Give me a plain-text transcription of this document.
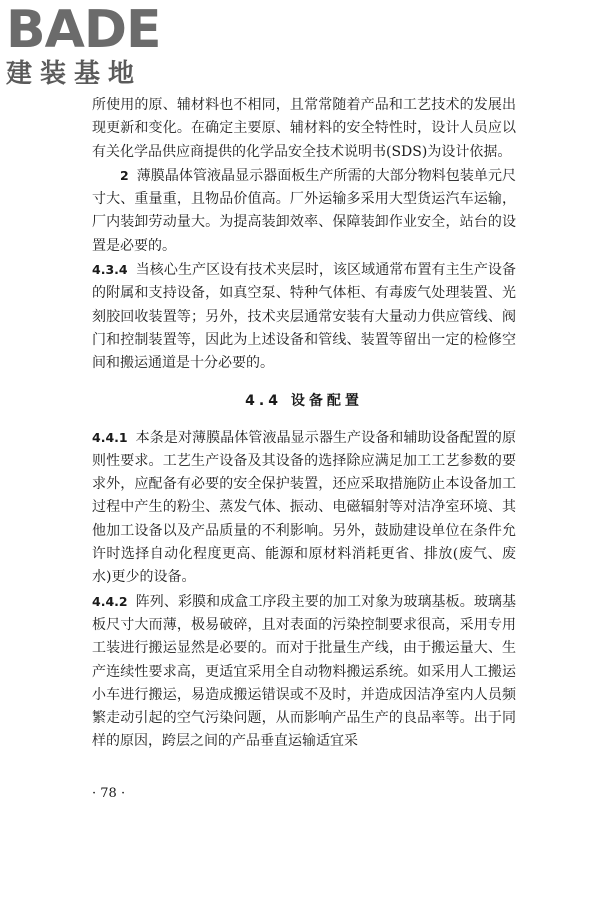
BADE
建装基地

所使用的原、辅材料也不相同，且常常随着产品和工艺技术的发展出现更新和变化。在确定主要原、辅材料的安全特性时，设计人员应以有关化学品供应商提供的化学品安全技术说明书(SDS)为设计依据。

2 薄膜晶体管液晶显示器面板生产所需的大部分物料包装单元尺寸大、重量重，且物品价值高。厂外运输多采用大型货运汽车运输，厂内装卸劳动量大。为提高装卸效率、保障装卸作业安全，站台的设置是必要的。

4.3.4 当核心生产区设有技术夹层时，该区域通常布置有主生产设备的附属和支持设备，如真空泵、特种气体柜、有毒废气处理装置、光刻胶回收装置等；另外，技术夹层通常安装有大量动力供应管线、阀门和控制装置等，因此为上述设备和管线、装置等留出一定的检修空间和搬运通道是十分必要的。

4.4 设备配置

4.4.1 本条是对薄膜晶体管液晶显示器生产设备和辅助设备配置的原则性要求。工艺生产设备及其设备的选择除应满足加工工艺参数的要求外，应配备有必要的安全保护装置，还应采取措施防止本设备加工过程中产生的粉尘、蒸发气体、振动、电磁辐射等对洁净室环境、其他加工设备以及产品质量的不利影响。另外，鼓励建设单位在条件允许时选择自动化程度更高、能源和原材料消耗更省、排放(废气、废水)更少的设备。

4.4.2 阵列、彩膜和成盒工序段主要的加工对象为玻璃基板。玻璃基板尺寸大而薄，极易破碎，且对表面的污染控制要求很高，采用专用工装进行搬运显然是必要的。而对于批量生产线，由于搬运量大、生产连续性要求高，更适宜采用全自动物料搬运系统。如采用人工搬运小车进行搬运，易造成搬运错误或不及时，并造成因洁净室内人员频繁走动引起的空气污染问题，从而影响产品生产的良品率等。出于同样的原因，跨层之间的产品垂直运输适宜采

· 78 ·
